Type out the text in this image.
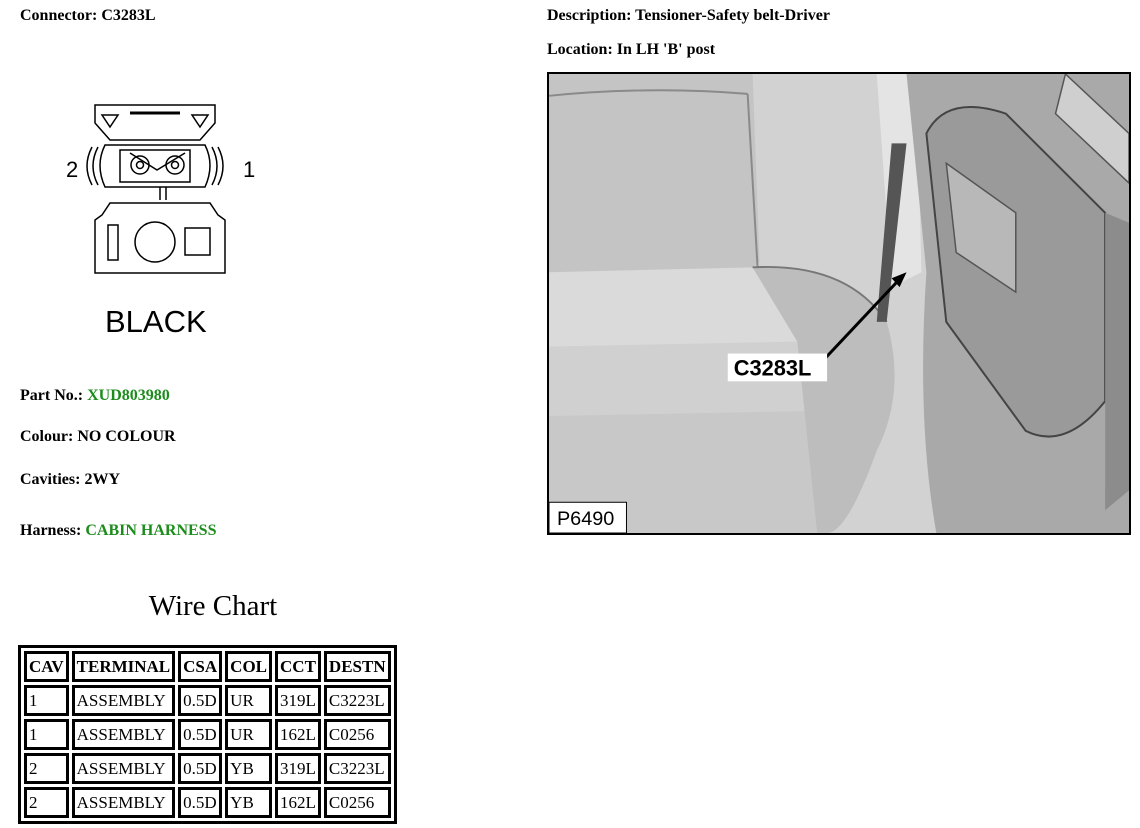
Connector: C3283L	Description: Tensioner-Safety belt-Driver
Location: In LH 'B' post
2	1
BLACK
C3283L
P6490
Part No.: XUD803980
Colour: NO COLOUR
Cavities: 2WY
Harness: CABIN HARNESS
Wire Chart
CAV	TERMINAL	CSA	COL	CCT	DESTN
1	ASSEMBLY	0.5D	UR	319L	C3223L
1	ASSEMBLY	0.5D	UR	162L	C0256
2	ASSEMBLY	0.5D	YB	319L	C3223L
2	ASSEMBLY	0.5D	YB	162L	C0256
